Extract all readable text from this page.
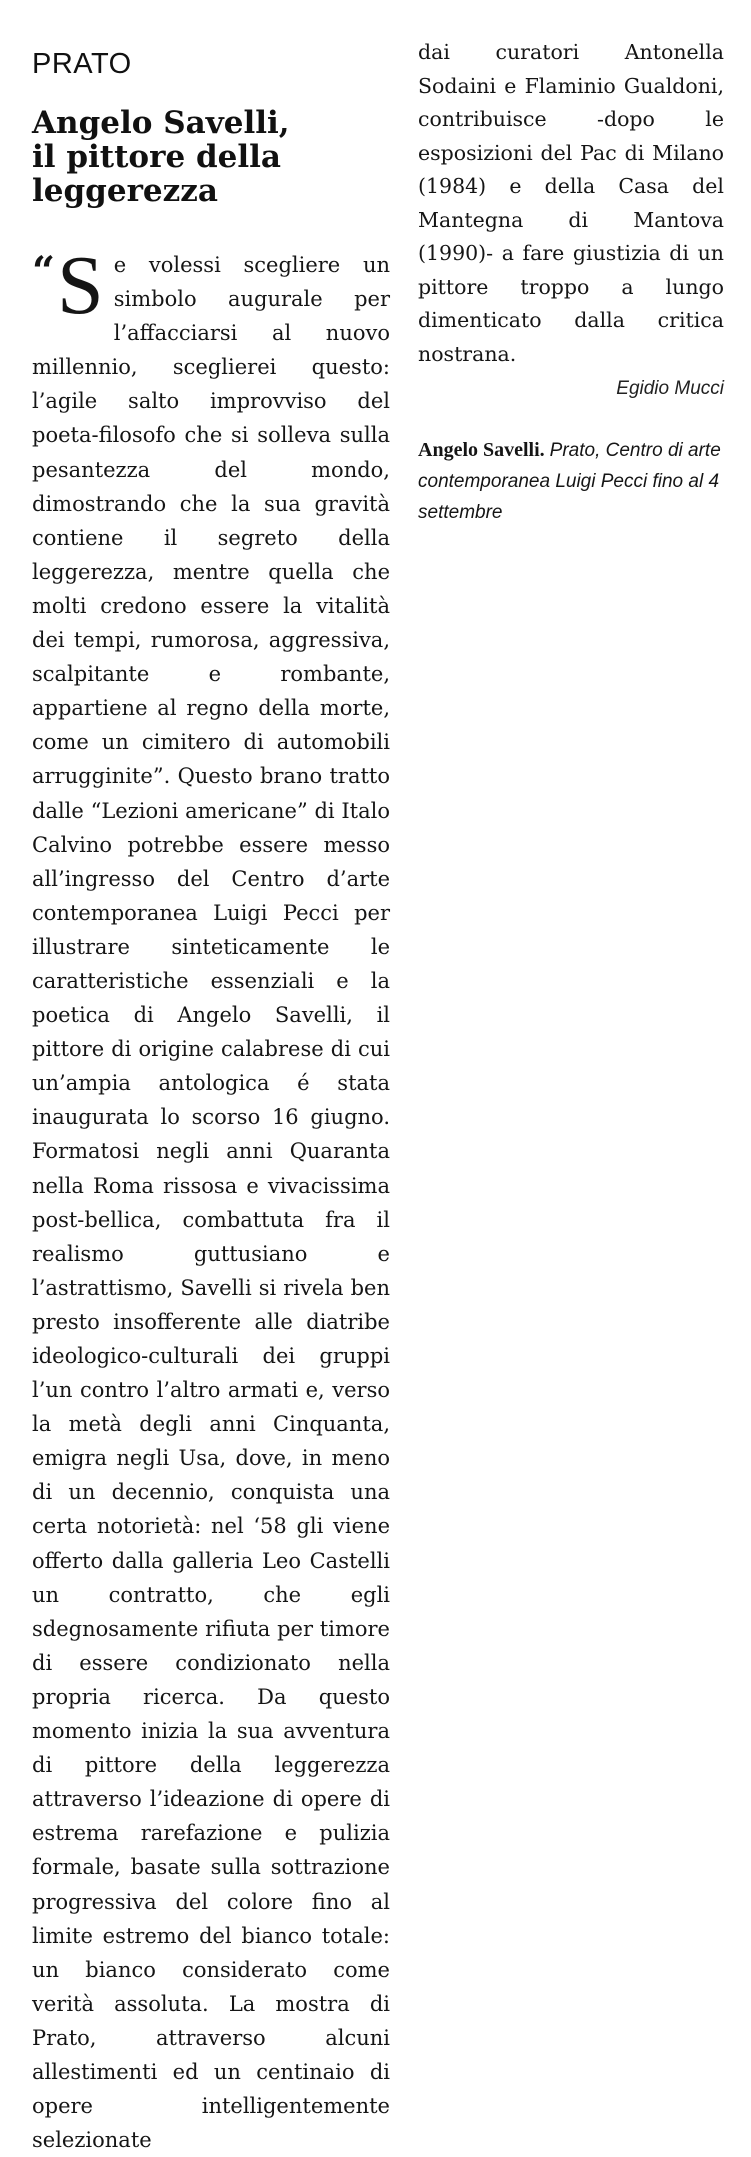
PRATO
Angelo Savelli,
il pittore della
leggerezza
“ S e volessi scegliere un simbolo augurale per l’affacciarsi al nuovo millennio, sceglierei questo: l’agile salto improvviso del poeta-filosofo che si solleva sulla pesantezza del mondo, dimostrando che la sua gravità contiene il segreto della leggerezza, mentre quella che molti credono essere la vitalità dei tempi, rumorosa, aggressiva, scalpitante e rombante, appartiene al regno della morte, come un cimitero di automobili arrugginite”. Questo brano tratto dalle “Lezioni americane” di Italo Calvino potrebbe essere messo all’ingresso del Centro d’arte contemporanea Luigi Pecci per illustrare sinteticamente le caratteristiche essenziali e la poetica di Angelo Savelli, il pittore di origine calabrese di cui un’ampia antologica é stata inaugurata lo scorso 16 giugno. Formatosi negli anni Quaranta nella Roma rissosa e vivacissima post-bellica, combattuta fra il realismo guttusiano e l’astrattismo, Savelli si rivela ben presto insofferente alle diatribe ideologico-culturali dei gruppi l’un contro l’altro armati e, verso la metà degli anni Cinquanta, emigra negli Usa, dove, in meno di un decennio, conquista una certa notorietà: nel ‘58 gli viene offerto dalla galleria Leo Castelli un contratto, che egli sdegnosamente rifiuta per timore di essere condizionato nella propria ricerca. Da questo momento inizia la sua avventura di pittore della leggerezza attraverso l’ideazione di opere di estrema rarefazione e pulizia formale, basate sulla sottrazione progressiva del colore fino al limite estremo del bianco totale: un bianco considerato come verità assoluta. La mostra di Prato, attraverso alcuni allestimenti ed un centinaio di opere intelligentemente selezionate
dai curatori Antonella Sodaini e Flaminio Gualdoni, contribuisce -dopo le esposizioni del Pac di Milano (1984) e della Casa del Mantegna di Mantova (1990)- a fare giustizia di un pittore troppo a lungo dimenticato dalla critica nostrana.
Egidio Mucci
Angelo Savelli. Prato, Centro di arte contemporanea Luigi Pecci fino al 4 settembre
